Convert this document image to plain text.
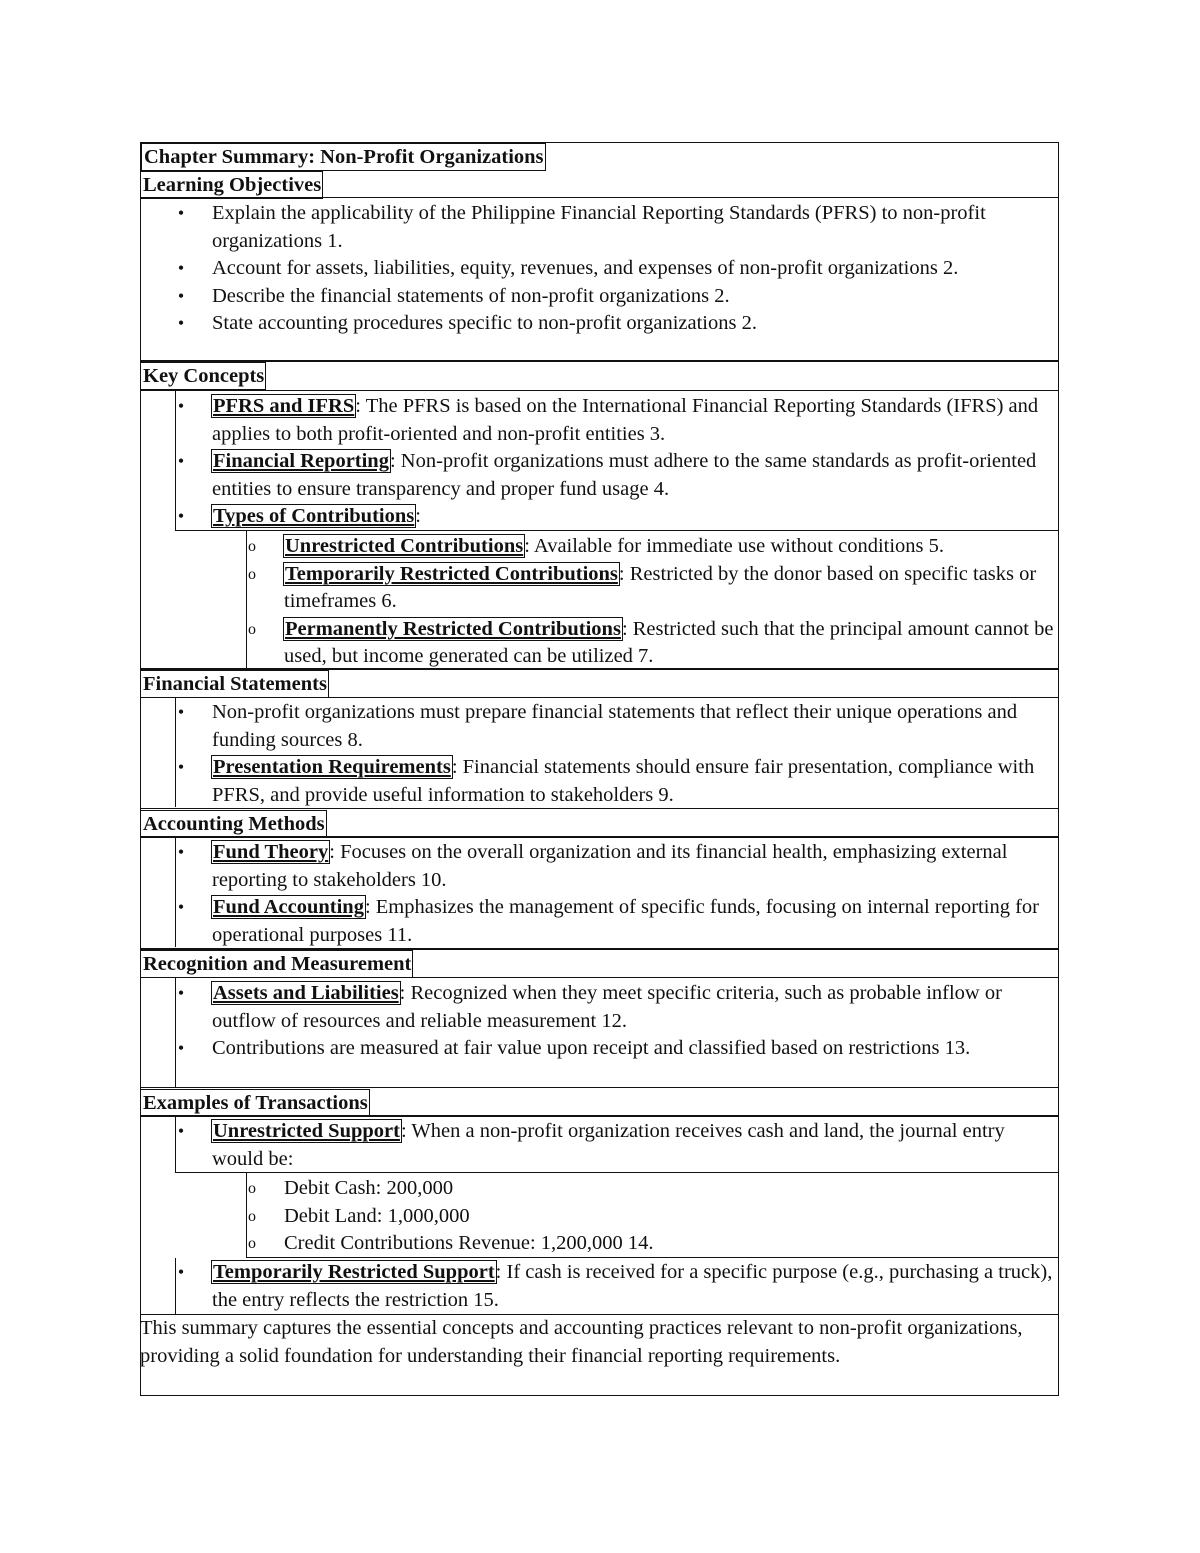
Chapter Summary: Non-Profit Organizations
Learning Objectives
• Explain the applicability of the Philippine Financial Reporting Standards (PFRS) to non-profit organizations 1.
• Account for assets, liabilities, equity, revenues, and expenses of non-profit organizations 2.
• Describe the financial statements of non-profit organizations 2.
• State accounting procedures specific to non-profit organizations 2.
Key Concepts
• PFRS and IFRS: The PFRS is based on the International Financial Reporting Standards (IFRS) and applies to both profit-oriented and non-profit entities 3.
• Financial Reporting: Non-profit organizations must adhere to the same standards as profit-oriented entities to ensure transparency and proper fund usage 4.
• Types of Contributions:
o Unrestricted Contributions: Available for immediate use without conditions 5.
o Temporarily Restricted Contributions: Restricted by the donor based on specific tasks or timeframes 6.
o Permanently Restricted Contributions: Restricted such that the principal amount cannot be used, but income generated can be utilized 7.
Financial Statements
• Non-profit organizations must prepare financial statements that reflect their unique operations and funding sources 8.
• Presentation Requirements: Financial statements should ensure fair presentation, compliance with PFRS, and provide useful information to stakeholders 9.
Accounting Methods
• Fund Theory: Focuses on the overall organization and its financial health, emphasizing external reporting to stakeholders 10.
• Fund Accounting: Emphasizes the management of specific funds, focusing on internal reporting for operational purposes 11.
Recognition and Measurement
• Assets and Liabilities: Recognized when they meet specific criteria, such as probable inflow or outflow of resources and reliable measurement 12.
• Contributions are measured at fair value upon receipt and classified based on restrictions 13.
Examples of Transactions
• Unrestricted Support: When a non-profit organization receives cash and land, the journal entry would be:
o Debit Cash: 200,000
o Debit Land: 1,000,000
o Credit Contributions Revenue: 1,200,000 14.
• Temporarily Restricted Support: If cash is received for a specific purpose (e.g., purchasing a truck), the entry reflects the restriction 15.
This summary captures the essential concepts and accounting practices relevant to non-profit organizations, providing a solid foundation for understanding their financial reporting requirements.
